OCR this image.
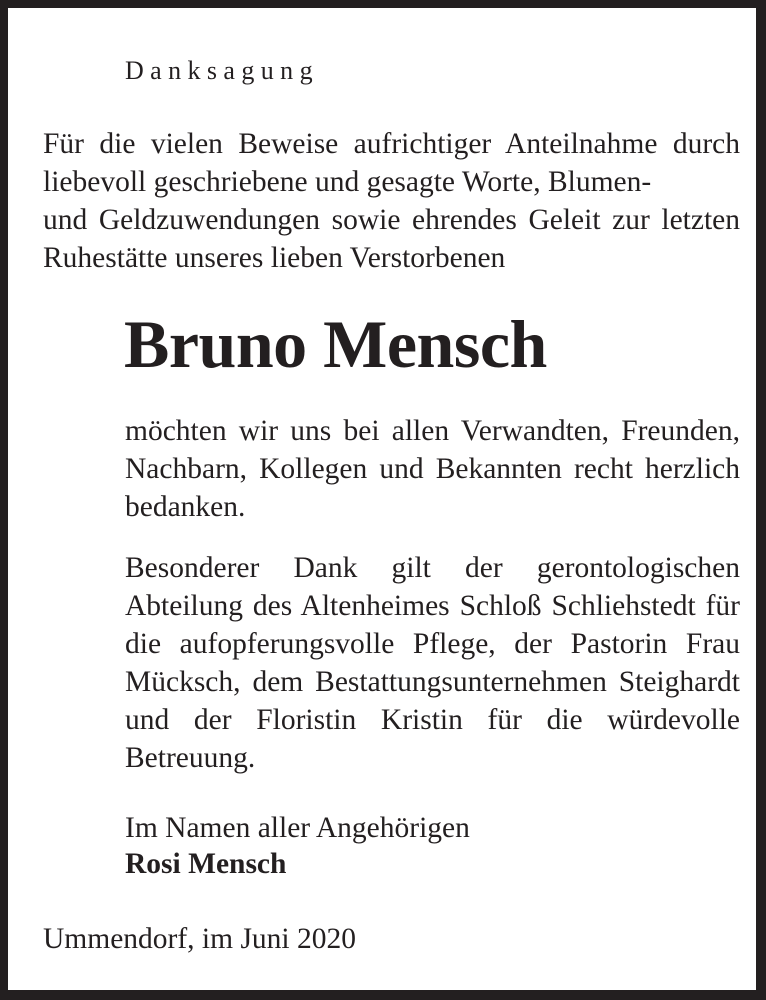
Danksagung

Für die vielen Beweise aufrichtiger Anteilnahme durch liebevoll geschriebene und gesagte Worte, Blumen-
und Geldzuwendungen sowie ehrendes Geleit zur letzten Ruhestätte unseres lieben Verstorbenen

Bruno Mensch

möchten wir uns bei allen Verwandten, Freunden, Nachbarn, Kollegen und Bekannten recht herzlich bedanken.

Besonderer Dank gilt der gerontologischen Abteilung des Altenheimes Schloß Schliehstedt für die aufopferungsvolle Pflege, der Pastorin Frau Mücksch, dem Bestattungsunternehmen Steighardt und der Floristin Kristin für die würdevolle Betreuung.

Im Namen aller Angehörigen

Rosi Mensch

Ummendorf, im Juni 2020
